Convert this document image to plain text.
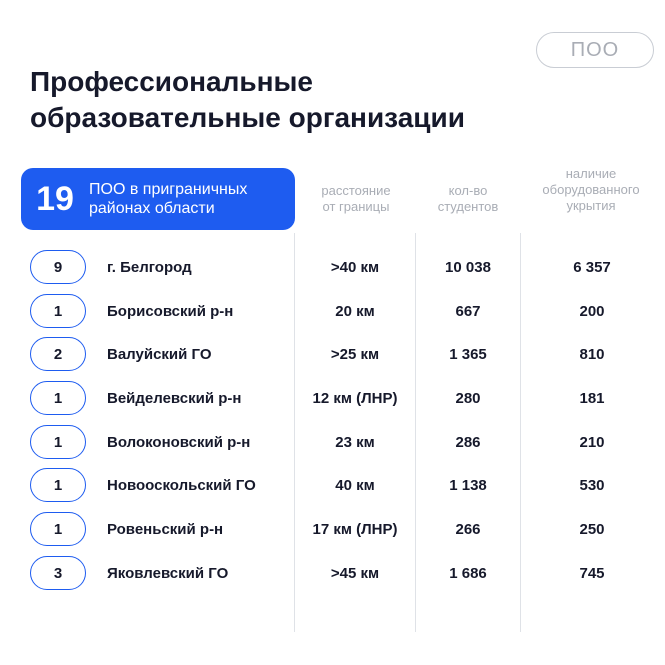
ПОО
Профессиональные
образовательные организации
19 ПОО в приграничных
районах области
расстояние
от границы
кол-во
студентов
наличие
оборудованного
укрытия
9	г. Белгород	>40 км	10 038	6 357
1	Борисовский р-н	20 км	667	200
2	Валуйский ГО	>25 км	1 365	810
1	Вейделевский р-н	12 км (ЛНР)	280	181
1	Волоконовский р-н	23 км	286	210
1	Новооскольский ГО	40 км	1 138	530
1	Ровеньский р-н	17 км (ЛНР)	266	250
3	Яковлевский ГО	>45 км	1 686	745
